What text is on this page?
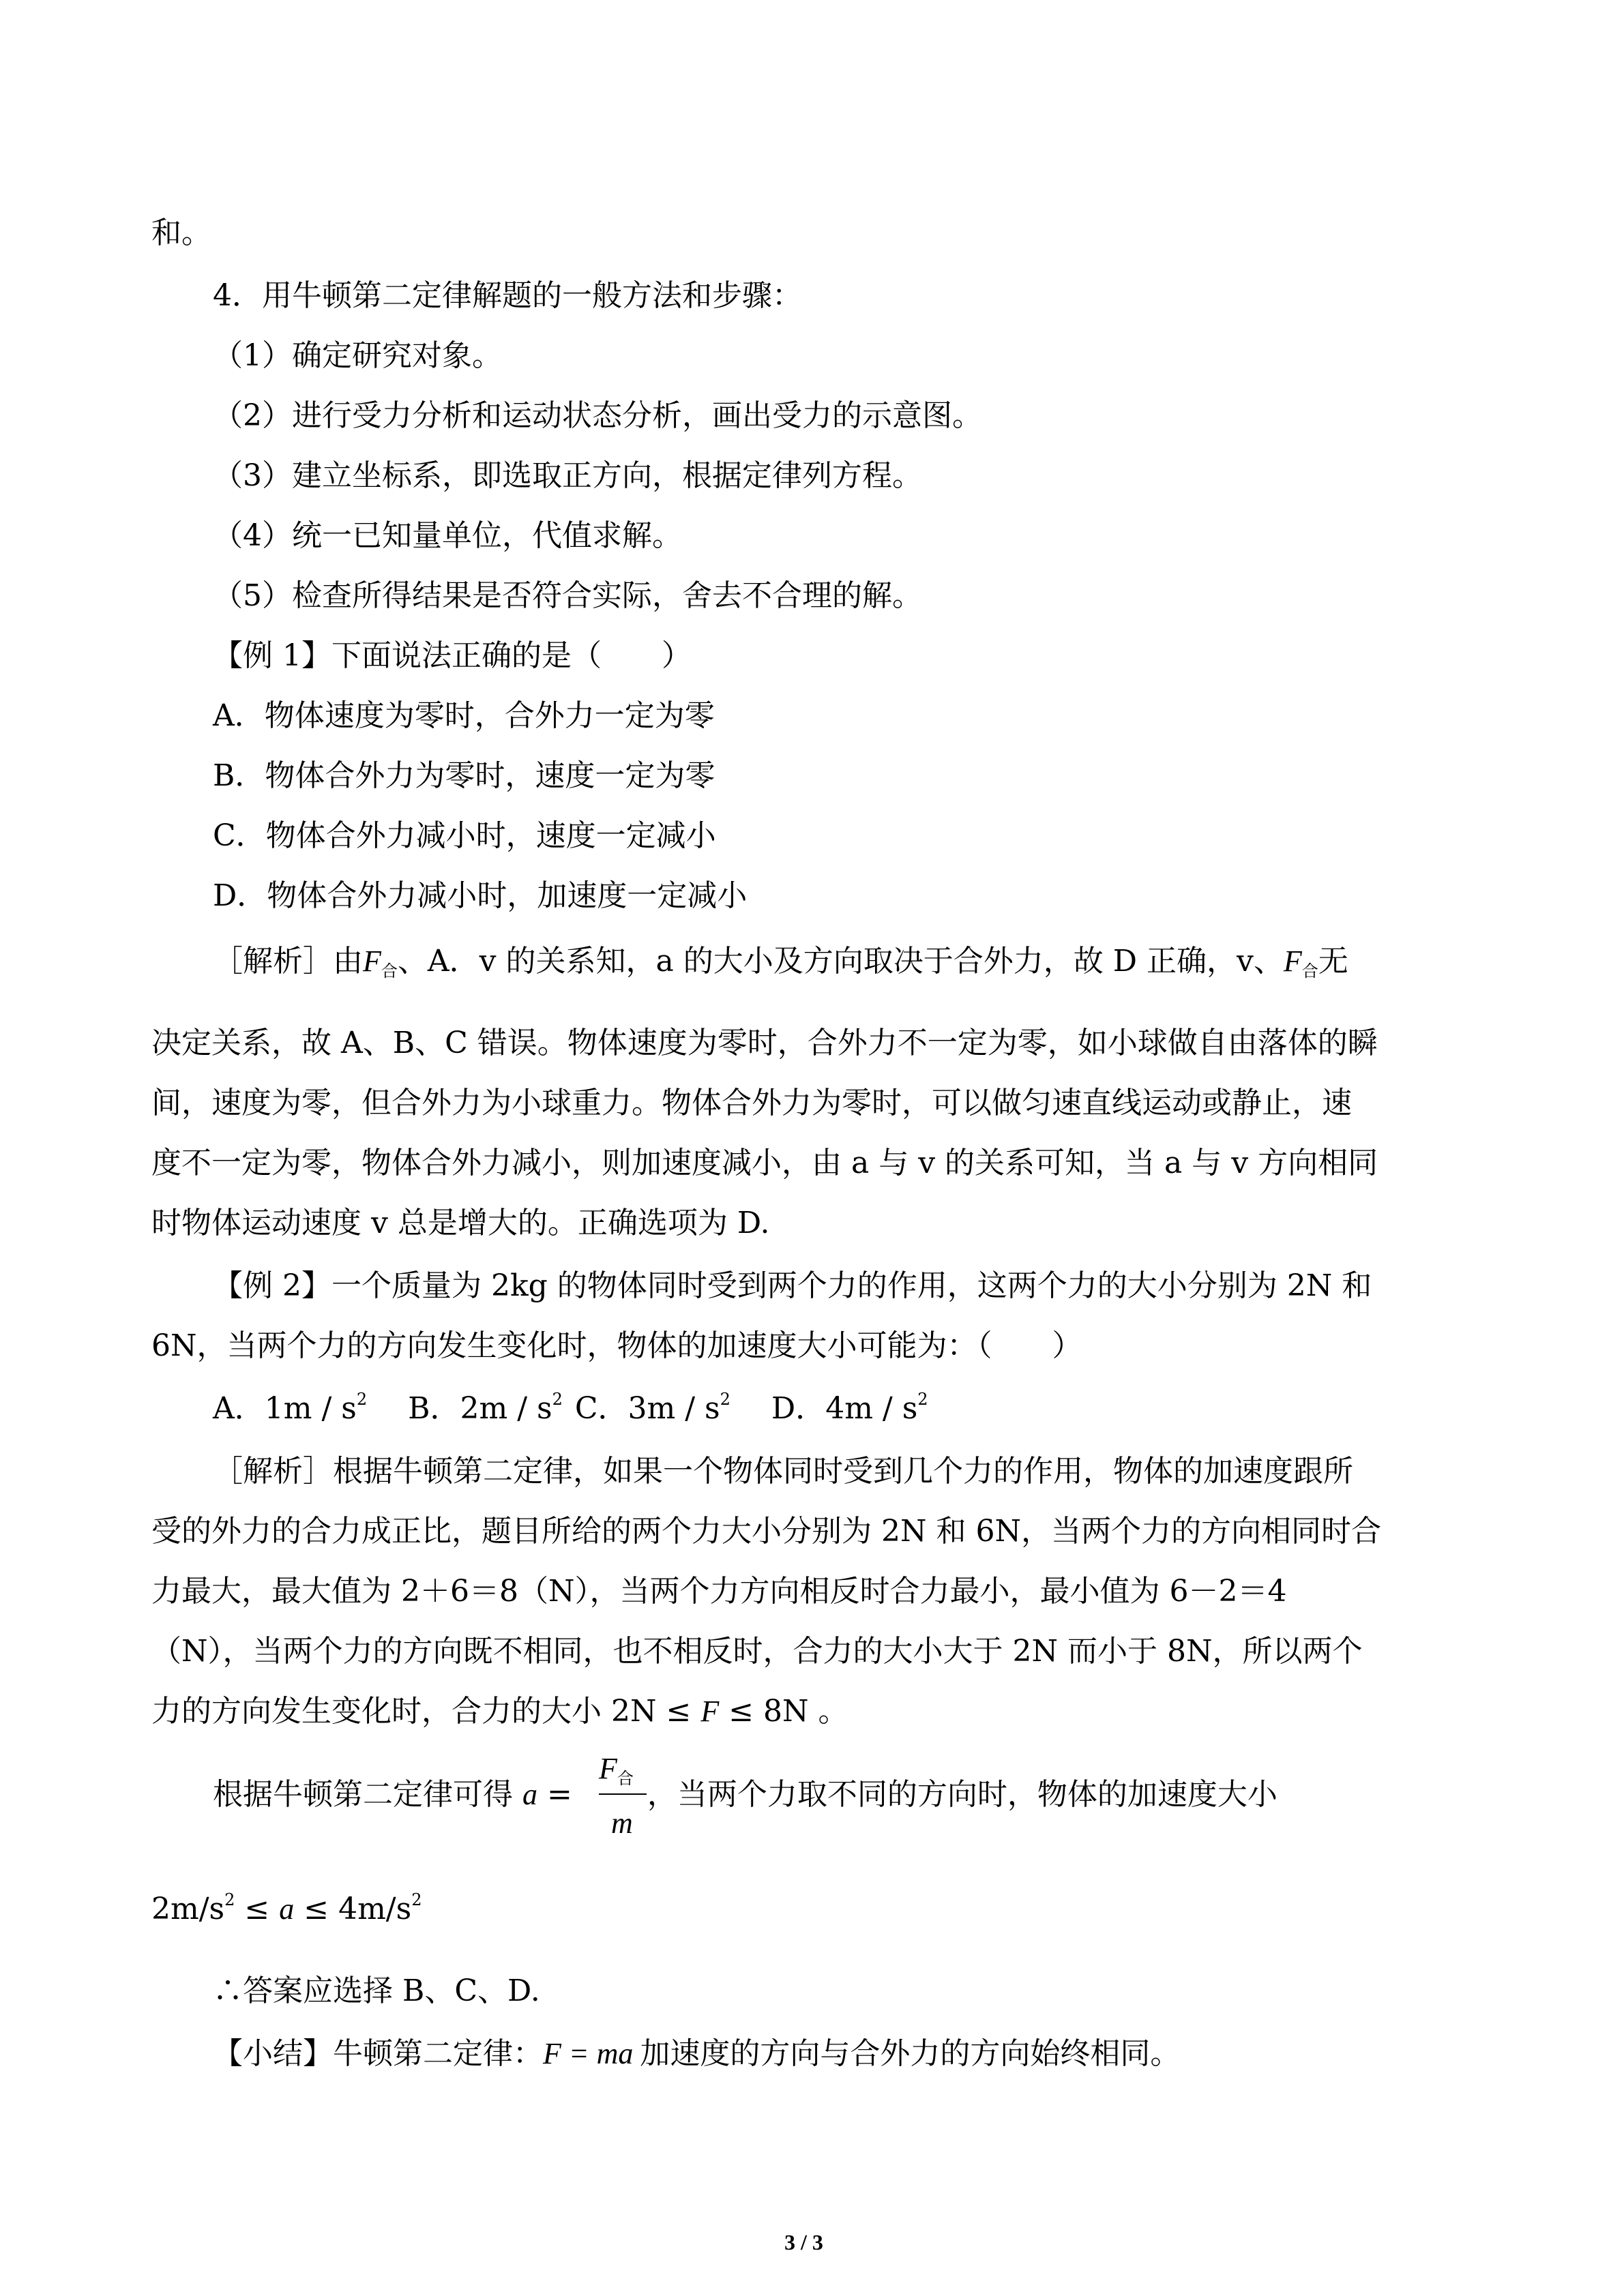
和。
4．用牛顿第二定律解题的一般方法和步骤：
（1）确定研究对象。
（2）进行受力分析和运动状态分析，画出受力的示意图。
（3）建立坐标系，即选取正方向，根据定律列方程。
（4）统一已知量单位，代值求解。
（5）检查所得结果是否符合实际，舍去不合理的解。
【例 1】下面说法正确的是（　　）
A．物体速度为零时，合外力一定为零
B．物体合外力为零时，速度一定为零
C．物体合外力减小时，速度一定减小
D．物体合外力减小时，加速度一定减小
［解析］由$F_合$、A．v 的关系知，a 的大小及方向取决于合外力，故 D 正确，v、$F_合$无
决定关系，故 A、B、C 错误。物体速度为零时，合外力不一定为零，如小球做自由落体的瞬
间，速度为零，但合外力为小球重力。物体合外力为零时，可以做匀速直线运动或静止，速
度不一定为零，物体合外力减小，则加速度减小，由 a 与 v 的关系可知，当 a 与 v 方向相同
时物体运动速度 v 总是增大的。正确选项为 D.
【例 2】一个质量为 2kg 的物体同时受到两个力的作用，这两个力的大小分别为 2N 和
6N，当两个力的方向发生变化时，物体的加速度大小可能为：（　　）
A．$1m / s^2$ B．$2m / s^2$ C．$3m / s^2$ D．$4m / s^2$
［解析］根据牛顿第二定律，如果一个物体同时受到几个力的作用，物体的加速度跟所
受的外力的合力成正比，题目所给的两个力大小分别为 2N 和 6N，当两个力的方向相同时合
力最大，最大值为 2＋6＝8（N），当两个力方向相反时合力最小，最小值为 6－2＝4
（N），当两个力的方向既不相同，也不相反时，合力的大小大于 2N 而小于 8N，所以两个
力的方向发生变化时，合力的大小 2N ≤ F ≤ 8N 。
根据牛顿第二定律可得 a = ，当两个力取不同的方向时，物体的加速度大小
$F_合$
m
$2m/s^2 \le a \le 4m/s^2$
∴答案应选择 B、C、D.
【小结】牛顿第二定律：F = ma 加速度的方向与合外力的方向始终相同。
3 / 3
